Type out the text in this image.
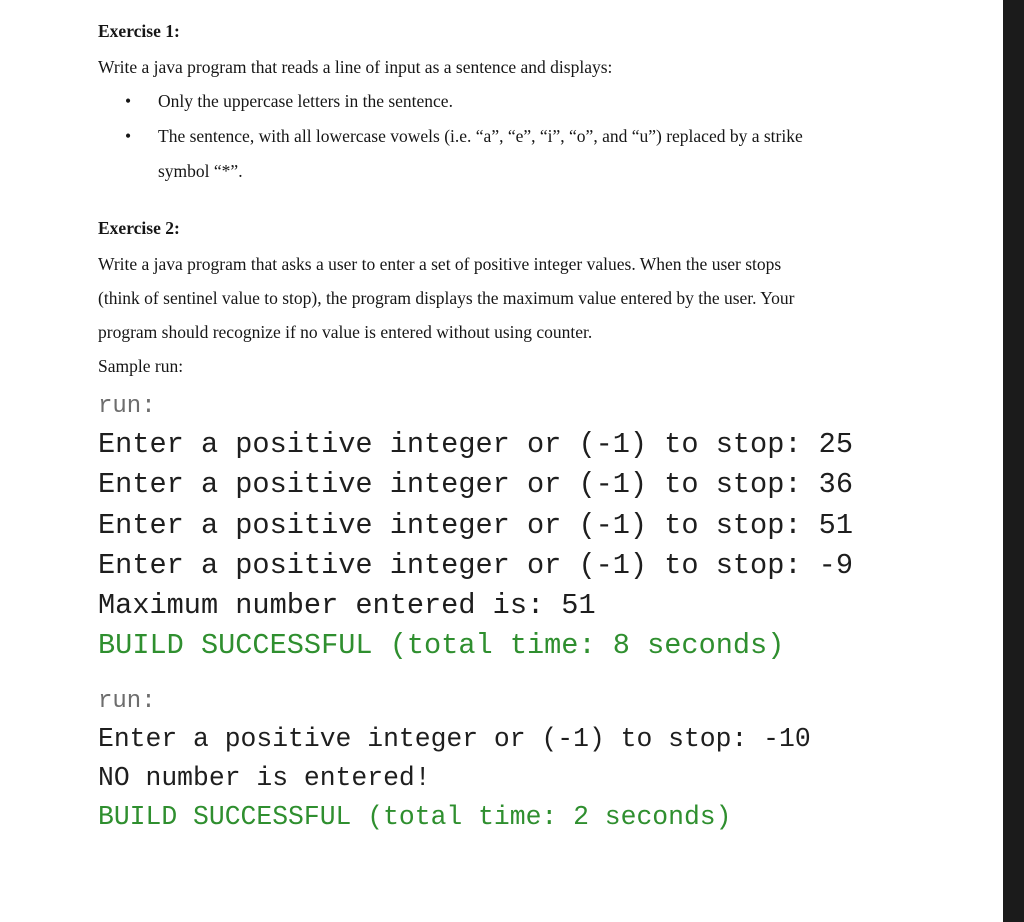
Exercise 1:

Write a java program that reads a line of input as a sentence and displays:

• Only the uppercase letters in the sentence.
• The sentence, with all lowercase vowels (i.e. “a”, “e”, “i”, “o”, and “u”) replaced by a strike
symbol “*”.
Exercise 2:

Write a java program that asks a user to enter a set of positive integer values. When the user stops

(think of sentinel value to stop), the program displays the maximum value entered by the user. Your

program should recognize if no value is entered without using counter.

Sample run:

run:
Enter a positive integer or (-1) to stop: 25
Enter a positive integer or (-1) to stop: 36
Enter a positive integer or (-1) to stop: 51
Enter a positive integer or (-1) to stop: -9
Maximum number entered is: 51
BUILD SUCCESSFUL (total time: 8 seconds)
run:
Enter a positive integer or (-1) to stop: -10
NO number is entered!
BUILD SUCCESSFUL (total time: 2 seconds)
